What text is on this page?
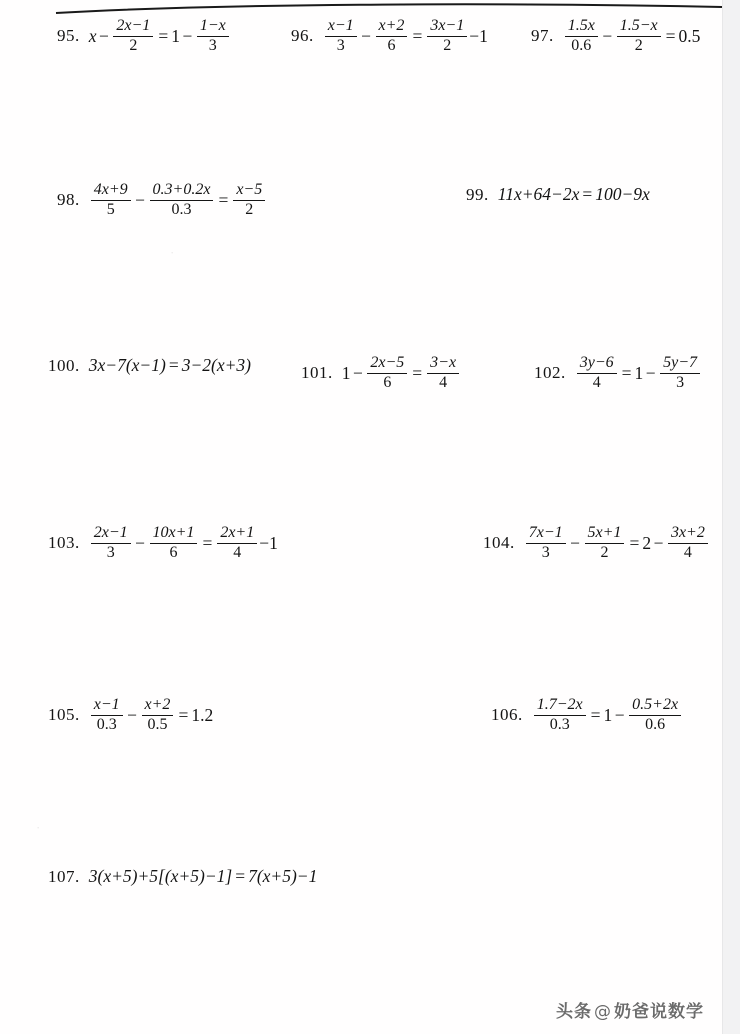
95. $x - \frac{2x-1}{2} = 1 - \frac{1-x}{3}$	96. $\frac{x-1}{3} - \frac{x+2}{6} = \frac{3x-1}{2} -1$	97. $\frac{1.5x}{0.6} - \frac{1.5-x}{2} = 0.5$
98. $\frac{4x+9}{5} - \frac{0.3+0.2x}{0.3} = \frac{x-5}{2}$	99. 11x+64−2x = 100−9x
100. 3x−7(x−1) = 3−2(x+3)	101. $1 - \frac{2x-5}{6} = \frac{3-x}{4}$	102. $\frac{3y-6}{4} = 1 - \frac{5y-7}{3}$
103. $\frac{2x-1}{3} - \frac{10x+1}{6} = \frac{2x+1}{4} -1$	104. $\frac{7x-1}{3} - \frac{5x+1}{2} = 2 - \frac{3x+2}{4}$
105. $\frac{x-1}{0.3} - \frac{x+2}{0.5} = 1.2$	106. $\frac{1.7-2x}{0.3} = 1 - \frac{0.5+2x}{0.6}$
107. 3(x+5)+5[(x+5)−1] = 7(x+5)−1
·
·
头条 @ 奶爸说数学
